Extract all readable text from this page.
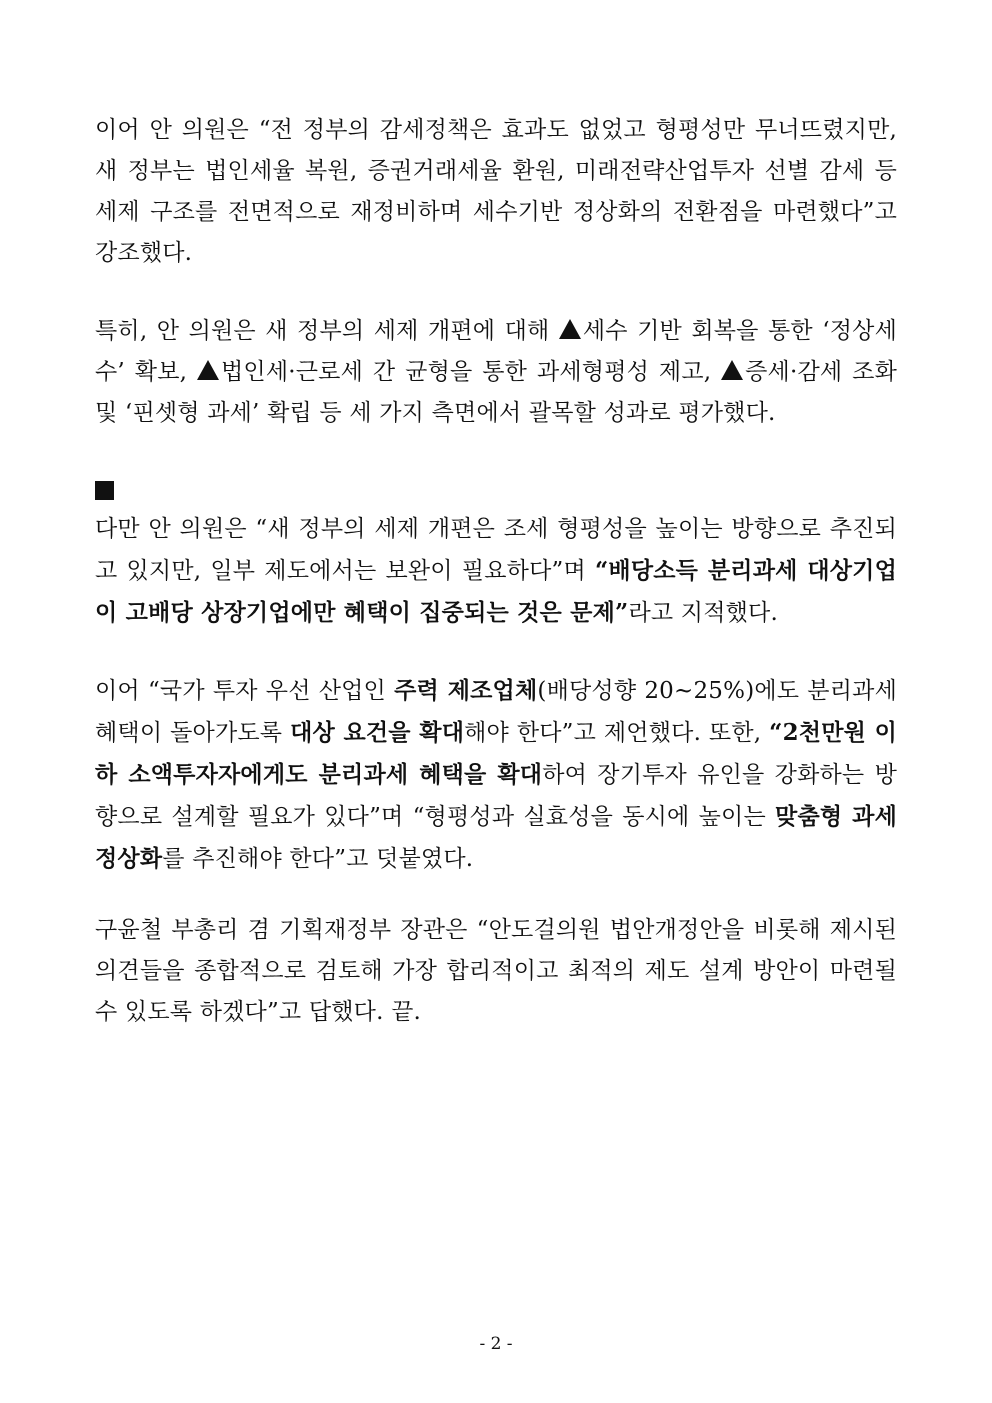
이어 안 의원은 “전 정부의 감세정책은 효과도 없었고 형평성만 무너뜨렸지만, 새 정부는 법인세율 복원, 증권거래세율 환원, 미래전략산업투자 선별 감세 등 세제 구조를 전면적으로 재정비하며 세수기반 정상화의 전환점을 마련했다”고 강조했다.

특히, 안 의원은 새 정부의 세제 개편에 대해 세수 기반 회복을 통한 ‘정상세수’ 확보, 법인세·근로세 간 균형을 통한 과세형평성 제고, 증세·감세 조화 및 ‘핀셋형 과세’ 확립 등 세 가지 측면에서 괄목할 성과로 평가했다.

다만 안 의원은 “새 정부의 세제 개편은 조세 형평성을 높이는 방향으로 추진되고 있지만, 일부 제도에서는 보완이 필요하다”며 “배당소득 분리과세 대상기업이 고배당 상장기업에만 혜택이 집중되는 것은 문제”라고 지적했다.

이어 “국가 투자 우선 산업인 주력 제조업체(배당성향 20~25%)에도 분리과세 혜택이 돌아가도록 대상 요건을 확대해야 한다”고 제언했다. 또한, “2천만원 이하 소액투자자에게도 분리과세 혜택을 확대하여 장기투자 유인을 강화하는 방향으로 설계할 필요가 있다”며 “형평성과 실효성을 동시에 높이는 맞춤형 과세 정상화를 추진해야 한다”고 덧붙였다.

구윤철 부총리 겸 기획재정부 장관은 “안도걸의원 법안개정안을 비롯해 제시된 의견들을 종합적으로 검토해 가장 합리적이고 최적의 제도 설계 방안이 마련될 수 있도록 하겠다”고 답했다. 끝.

- 2 -
